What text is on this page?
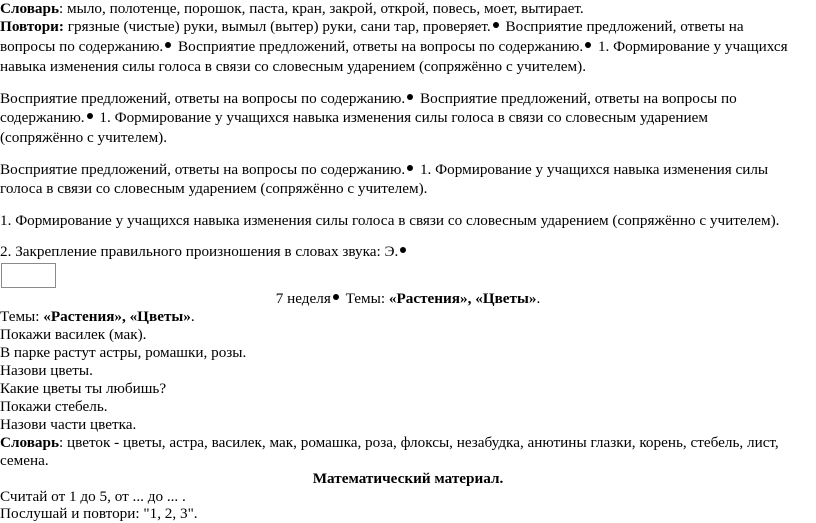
Словарь: мыло, полотенце, порошок, паста, кран, закрой, открой, повесь, моет, вытирает.
Повтори: грязные (чистые) руки, вымыл (вытер) руки, сани тар, проверяет. Восприятие предложений, ответы на
вопросы по содержанию. Восприятие предложений, ответы на вопросы по содержанию. 1. Формирование у учащихся
навыка изменения силы голоса в связи со словесным ударением (сопряжённо с учителем).
Восприятие предложений, ответы на вопросы по содержанию. Восприятие предложений, ответы на вопросы по
содержанию. 1. Формирование у учащихся навыка изменения силы голоса в связи со словесным ударением
(сопряжённо с учителем).
Восприятие предложений, ответы на вопросы по содержанию. 1. Формирование у учащихся навыка изменения силы
голоса в связи со словесным ударением (сопряжённо с учителем).
1. Формирование у учащихся навыка изменения силы голоса в связи со словесным ударением (сопряжённо с учителем).
2. Закрепление правильного произношения в словах звука: Э.
7 неделя Темы: «Растения», «Цветы».
Темы: «Растения», «Цветы».
Покажи василек (мак).
В парке растут астры, ромашки, розы.
Назови цветы.
Какие цветы ты любишь?
Покажи стебель.
Назови части цветка.
Словарь: цветок - цветы, астра, василек, мак, ромашка, роза, флоксы, незабудка, анютины глазки, корень, стебель, лист,
семена.
Математический материал.
Считай от 1 до 5, от ... до ... .
Послушай и повтори: "1, 2, 3".
